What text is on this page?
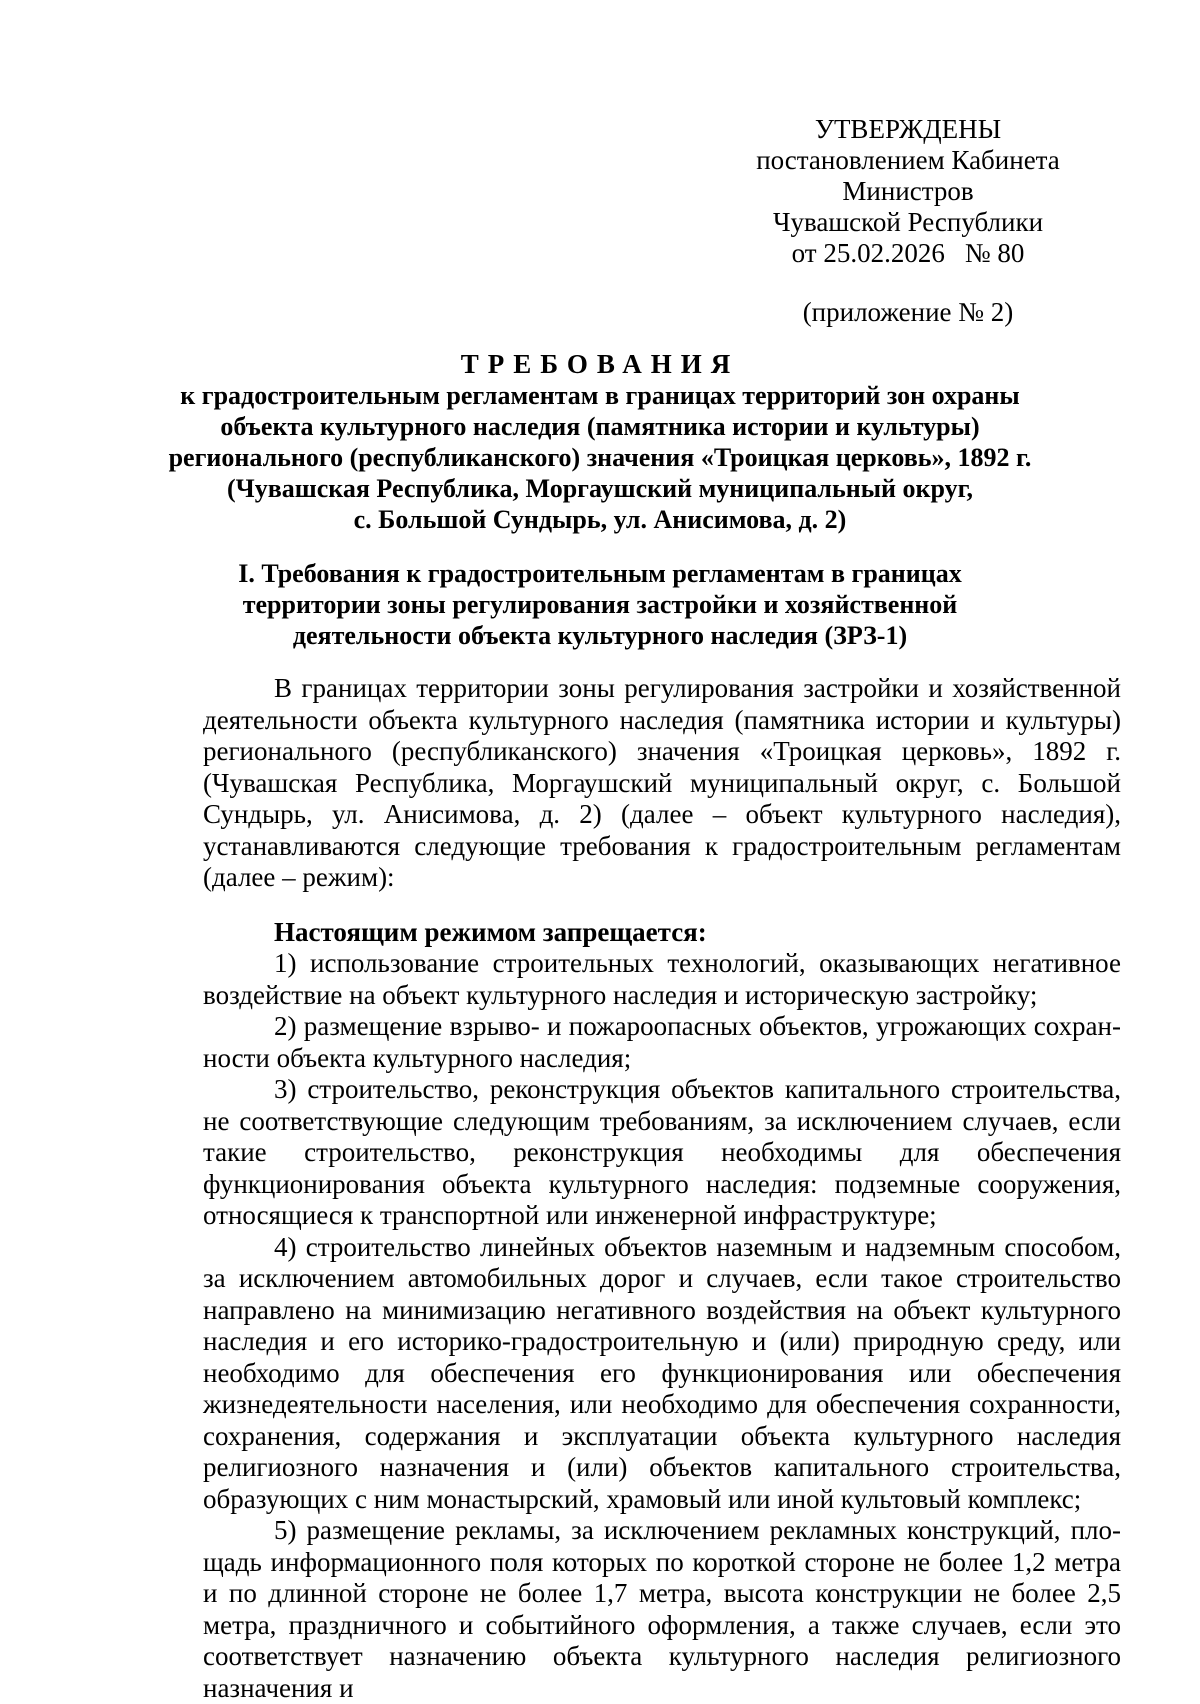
УТВЕРЖДЕНЫ
постановлением Кабинета Министров
Чувашской Республики
от 25.02.2026 № 80
(приложение № 2)
ТРЕБОВАНИЯ
к градостроительным регламентам в границах территорий зон охраны
объекта культурного наследия (памятника истории и культуры)
регионального (республиканского) значения «Троицкая церковь», 1892 г.
(Чувашская Республика, Моргаушский муниципальный округ,
с. Большой Сундырь, ул. Анисимова, д. 2)
I. Требования к градостроительным регламентам в границах
территории зоны регулирования застройки и хозяйственной
деятельности объекта культурного наследия (ЗРЗ-1)

В границах территории зоны регулирования застройки и хозяйственной деятельности объекта культурного наследия (памятника истории и культуры) регионального (республиканского) значения «Троицкая церковь», 1892 г. (Чувашская Республика, Моргаушский муниципальный округ, с. Большой Сундырь, ул. Анисимова, д. 2) (далее – объект культурного наследия), устанавливаются следующие требования к градостроительным регламентам (далее – режим):

Настоящим режимом запрещается:

1) использование строительных технологий, оказывающих негативное воздействие на объект культурного наследия и историческую застройку;
2) размещение взрыво- и пожароопасных объектов, угрожающих сохранности объекта культурного наследия;
3) строительство, реконструкция объектов капитального строительства, не соответствующие следующим требованиям, за исключением случаев, если такие строительство, реконструкция необходимы для обеспечения функционирования объекта культурного наследия: подземные сооружения, относящиеся к транспортной или инженерной инфраструктуре;
4) строительство линейных объектов наземным и надземным способом, за исключением автомобильных дорог и случаев, если такое строительство направлено на минимизацию негативного воздействия на объект культурного наследия и его историко-градостроительную и (или) природную среду, или необходимо для обеспечения его функционирования или обеспечения жизнедеятельности населения, или необходимо для обеспечения сохранности, сохранения, содержания и эксплуатации объекта культурного наследия религиозного назначения и (или) объектов капитального строительства, образующих с ним монастырский, храмовый или иной культовый комплекс;
5) размещение рекламы, за исключением рекламных конструкций, площадь информационного поля которых по короткой стороне не более 1,2 метра и по длинной стороне не более 1,7 метра, высота конструкции не более 2,5 метра, праздничного и событийного оформления, а также случаев, если это соответствует назначению объекта культурного наследия религиозного назначения и
